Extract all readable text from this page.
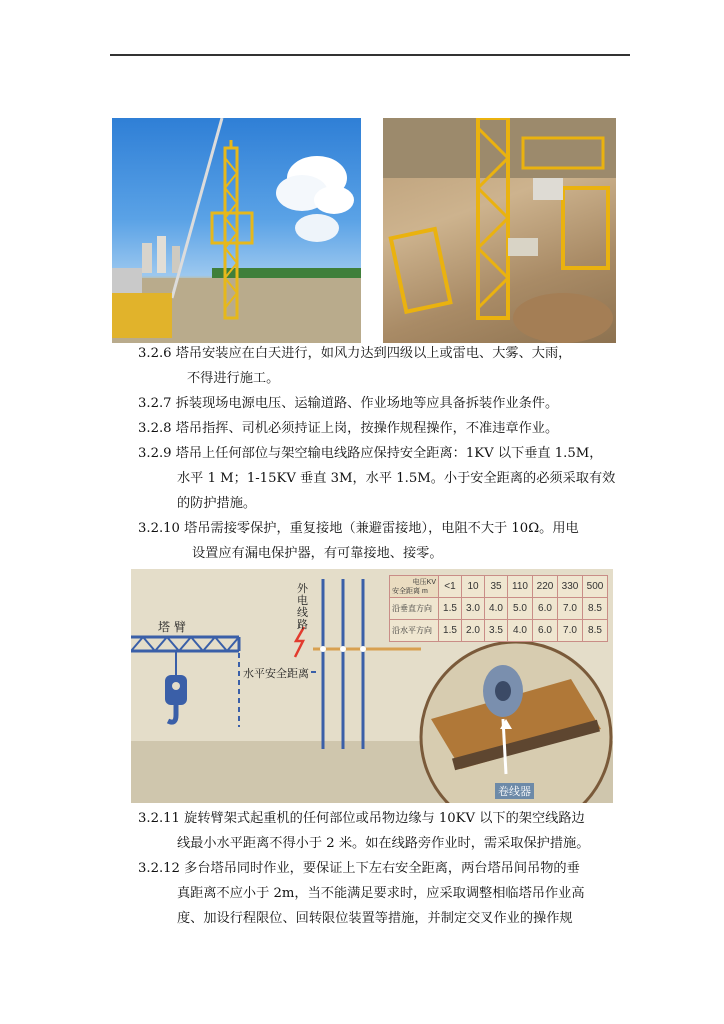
3.2.6 塔吊安装应在白天进行，如风力达到四级以上或雷电、大雾、大雨，
不得进行施工。
3.2.7 拆装现场电源电压、运输道路、作业场地等应具备拆装作业条件。
3.2.8 塔吊指挥、司机必须持证上岗，按操作规程操作，不准违章作业。
3.2.9 塔吊上任何部位与架空输电线路应保持安全距离：1KV 以下垂直 1.5M，
水平 1 M；1-15KV 垂直 3M，水平 1.5M。小于安全距离的必须采取有效
的防护措施。
3.2.10 塔吊需接零保护，重复接地（兼避雷接地），电阻不大于 10Ω。用电
设置应有漏电保护器，有可靠接地、接零。
塔 臂
外电线路
水平安全距离
电压KV
安全距离 m	<1	10	35	110	220	330	500
沿垂直方向	1.5	3.0	4.0	5.0	6.0	7.0	8.5
沿水平方向	1.5	2.0	3.5	4.0	6.0	7.0	8.5
卷线器
3.2.11 旋转臂架式起重机的任何部位或吊物边缘与 10KV 以下的架空线路边
线最小水平距离不得小于 2 米。如在线路旁作业时，需采取保护措施。
3.2.12 多台塔吊同时作业，要保证上下左右安全距离，两台塔吊间吊物的垂
真距离不应小于 2m，当不能满足要求时，应采取调整相临塔吊作业高
度、加设行程限位、回转限位装置等措施，并制定交叉作业的操作规
